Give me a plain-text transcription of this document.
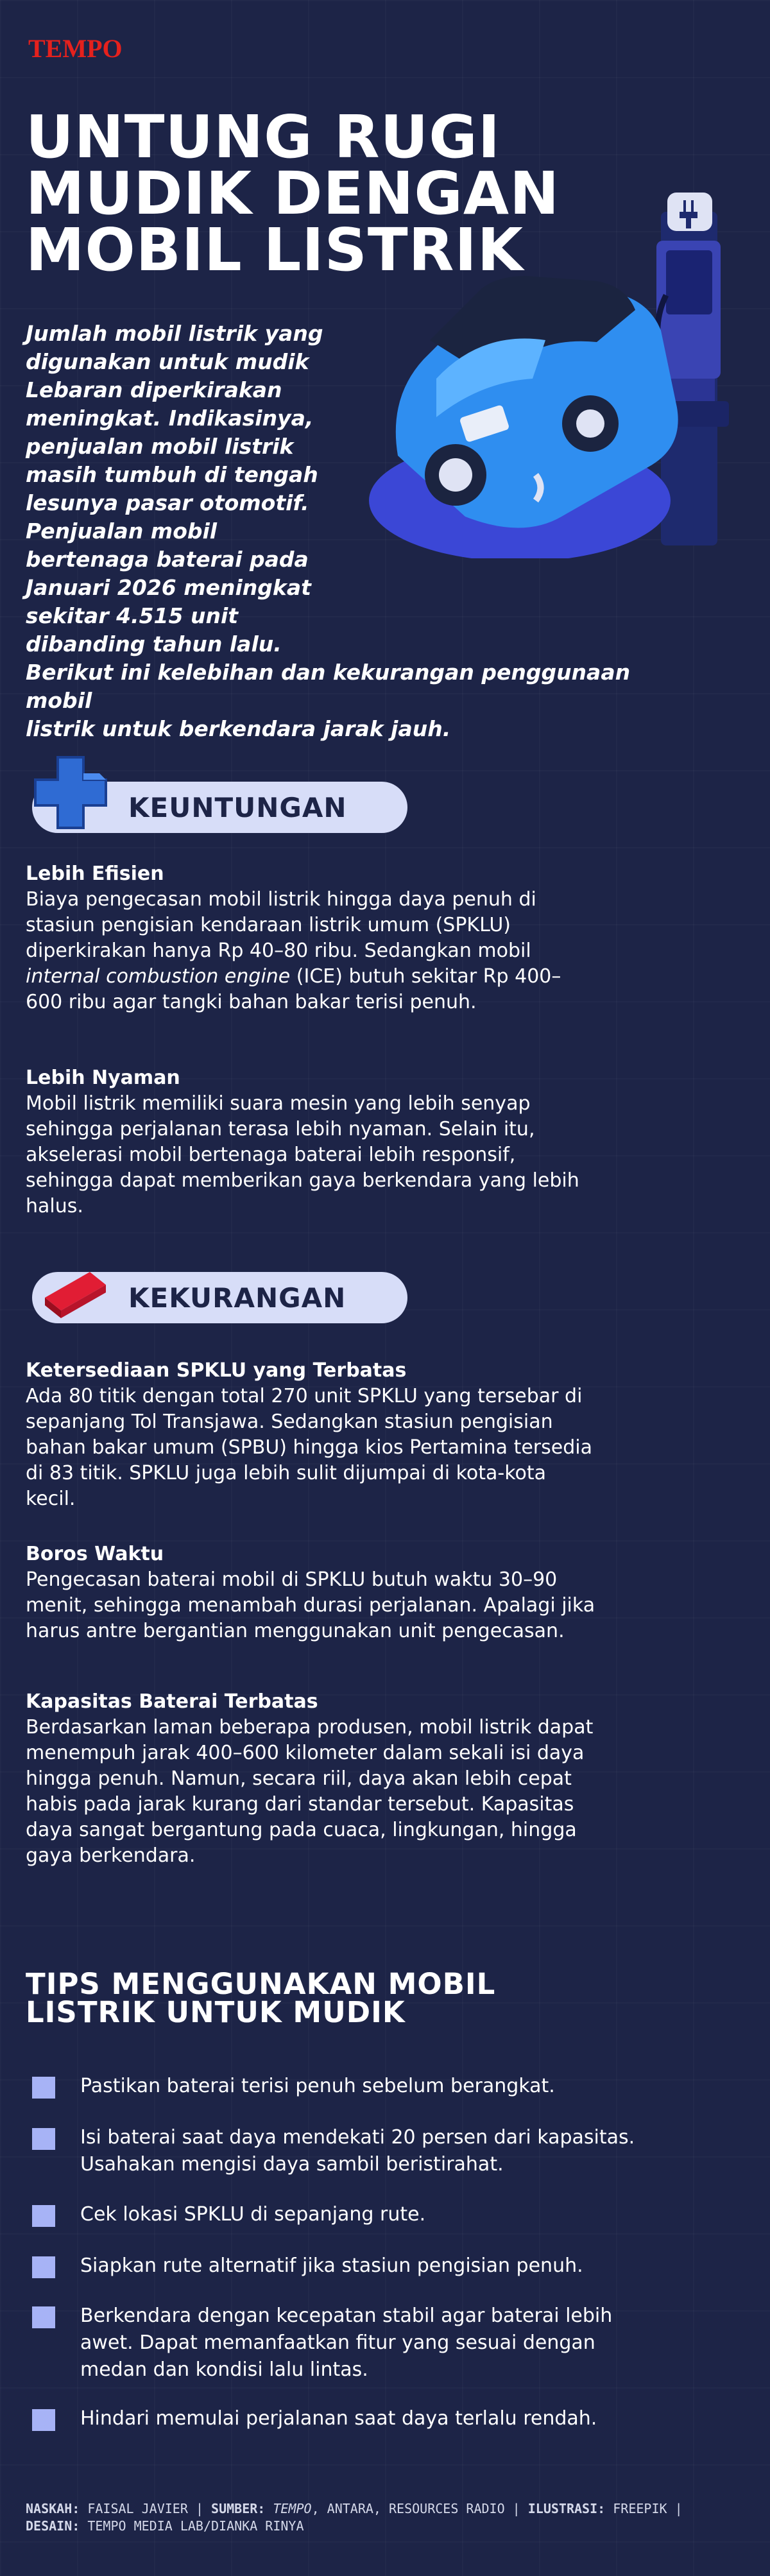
TEMPO
UNTUNG RUGI MUDIK DENGAN MOBIL LISTRIK
Jumlah mobil listrik yang
digunakan untuk mudik
Lebaran diperkirakan
meningkat. Indikasinya,
penjualan mobil listrik
masih tumbuh di tengah
lesunya pasar otomotif.
Penjualan mobil
bertenaga baterai pada
Januari 2026 meningkat
sekitar 4.515 unit
dibanding tahun lalu.
Berikut ini kelebihan dan kekurangan penggunaan mobil
listrik untuk berkendara jarak jauh.
KEUNTUNGAN
Lebih Efisien
Biaya pengecasan mobil listrik hingga daya penuh di
stasiun pengisian kendaraan listrik umum (SPKLU)
diperkirakan hanya Rp 40–80 ribu. Sedangkan mobil
internal combustion engine (ICE) butuh sekitar Rp 400–
600 ribu agar tangki bahan bakar terisi penuh.
Lebih Nyaman
Mobil listrik memiliki suara mesin yang lebih senyap
sehingga perjalanan terasa lebih nyaman. Selain itu,
akselerasi mobil bertenaga baterai lebih responsif,
sehingga dapat memberikan gaya berkendara yang lebih
halus.
KEKURANGAN
Ketersediaan SPKLU yang Terbatas
Ada 80 titik dengan total 270 unit SPKLU yang tersebar di
sepanjang Tol Transjawa. Sedangkan stasiun pengisian
bahan bakar umum (SPBU) hingga kios Pertamina tersedia
di 83 titik. SPKLU juga lebih sulit dijumpai di kota-kota
kecil.
Boros Waktu
Pengecasan baterai mobil di SPKLU butuh waktu 30–90
menit, sehingga menambah durasi perjalanan. Apalagi jika
harus antre bergantian menggunakan unit pengecasan.
Kapasitas Baterai Terbatas
Berdasarkan laman beberapa produsen, mobil listrik dapat
menempuh jarak 400–600 kilometer dalam sekali isi daya
hingga penuh. Namun, secara riil, daya akan lebih cepat
habis pada jarak kurang dari standar tersebut. Kapasitas
daya sangat bergantung pada cuaca, lingkungan, hingga
gaya berkendara.
TIPS MENGGUNAKAN MOBIL
LISTRIK UNTUK MUDIK
Pastikan baterai terisi penuh sebelum berangkat.
Isi baterai saat daya mendekati 20 persen dari kapasitas.
Usahakan mengisi daya sambil beristirahat.
Cek lokasi SPKLU di sepanjang rute.
Siapkan rute alternatif jika stasiun pengisian penuh.
Berkendara dengan kecepatan stabil agar baterai lebih
awet. Dapat memanfaatkan fitur yang sesuai dengan
medan dan kondisi lalu lintas.
Hindari memulai perjalanan saat daya terlalu rendah.
NASKAH: FAISAL JAVIER | SUMBER: TEMPO, ANTARA, RESOURCES RADIO | ILUSTRASI: FREEPIK |
DESAIN: TEMPO MEDIA LAB/DIANKA RINYA
